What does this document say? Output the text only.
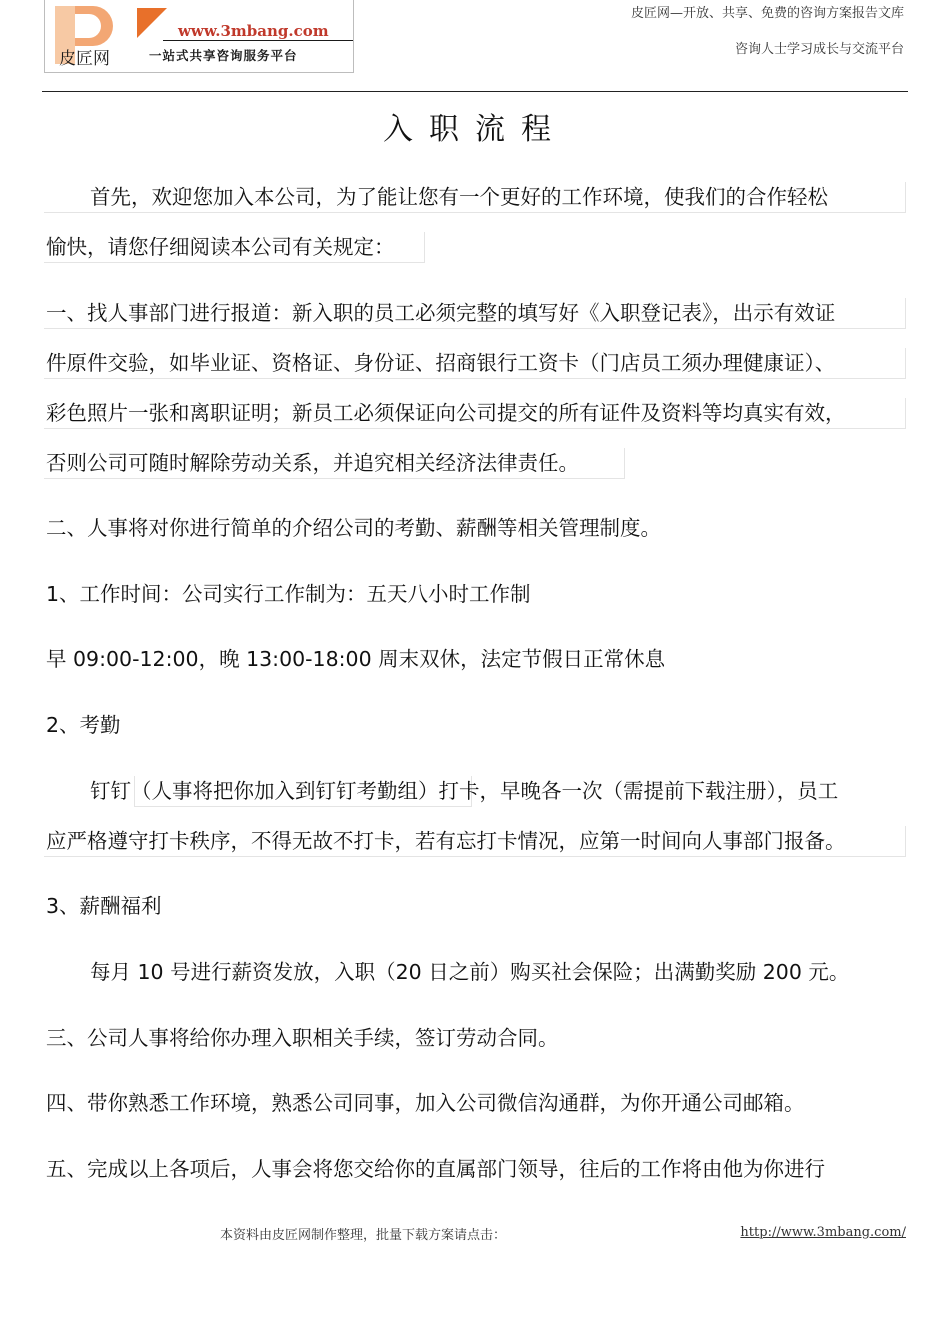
皮匠网
www.3mbang.com
一站式共享咨询服务平台
皮匠网—开放、共享、免费的咨询方案报告文库
咨询人士学习成长与交流平台
入职流程
首先，欢迎您加入本公司，为了能让您有一个更好的工作环境，使我们的合作轻松
愉快，请您仔细阅读本公司有关规定：
一、找人事部门进行报道：新入职的员工必须完整的填写好《入职登记表》，出示有效证
件原件交验，如毕业证、资格证、身份证、招商银行工资卡（门店员工须办理健康证）、
彩色照片一张和离职证明；新员工必须保证向公司提交的所有证件及资料等均真实有效，
否则公司可随时解除劳动关系，并追究相关经济法律责任。
二、人事将对你进行简单的介绍公司的考勤、薪酬等相关管理制度。
1、工作时间：公司实行工作制为：五天八小时工作制
早 09:00-12:00，晚 13:00-18:00 周末双休，法定节假日正常休息
2、考勤
钉钉（人事将把你加入到钉钉考勤组）打卡，早晚各一次（需提前下载注册），员工
应严格遵守打卡秩序，不得无故不打卡，若有忘打卡情况，应第一时间向人事部门报备。
3、薪酬福利
每月 10 号进行薪资发放，入职（20 日之前）购买社会保险；出满勤奖励 200 元。
三、公司人事将给你办理入职相关手续，签订劳动合同。
四、带你熟悉工作环境，熟悉公司同事，加入公司微信沟通群，为你开通公司邮箱。
五、完成以上各项后，人事会将您交给你的直属部门领导，往后的工作将由他为你进行
本资料由皮匠网制作整理，批量下载方案请点击：	http://www.3mbang.com/
